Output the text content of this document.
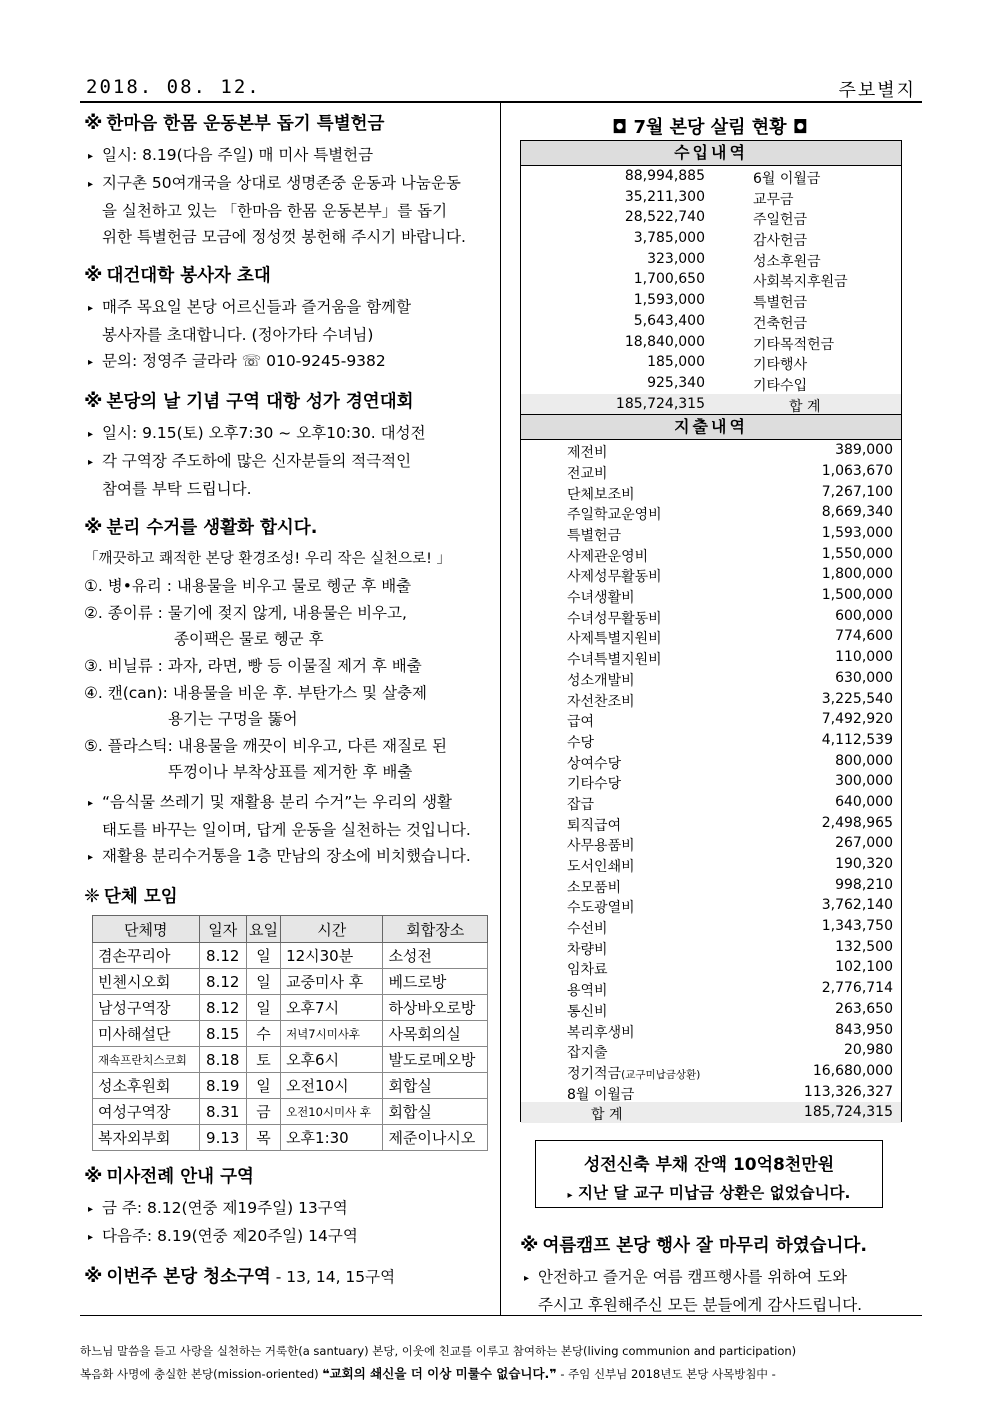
2018. 08. 12.	주보별지
※ 한마음 한몸 운동본부 돕기 특별헌금
▸ 일시: 8.19(다음 주일) 매 미사 특별헌금
▸ 지구촌 50여개국을 상대로 생명존중 운동과 나눔운동
을 실천하고 있는 「한마음 한몸 운동본부」를 돕기
위한 특별헌금 모금에 정성껏 봉헌해 주시기 바랍니다.
※ 대건대학 봉사자 초대
▸ 매주 목요일 본당 어르신들과 즐거움을 함께할
봉사자를 초대합니다. (정아가타 수녀님)
▸ 문의: 정영주 글라라 ☏ 010-9245-9382
※ 본당의 날 기념 구역 대항 성가 경연대회
▸ 일시: 9.15(토) 오후7:30 ~ 오후10:30. 대성전
▸ 각 구역장 주도하에 많은 신자분들의 적극적인
참여를 부탁 드립니다.
※ 분리 수거를 생활화 합시다.
「깨끗하고 쾌적한 본당 환경조성! 우리 작은 실천으로! 」
①. 병•유리 : 내용물을 비우고 물로 헹군 후 배출
②. 종이류 : 물기에 젖지 않게, 내용물은 비우고,
종이팩은 물로 헹군 후
③. 비닐류 : 과자, 라면, 빵 등 이물질 제거 후 배출
④. 캔(can): 내용물을 비운 후. 부탄가스 및 살충제
용기는 구멍을 뚫어
⑤. 플라스틱: 내용물을 깨끗이 비우고, 다른 재질로 된
뚜껑이나 부착상표를 제거한 후 배출
▸ “음식물 쓰레기 및 재활용 분리 수거”는 우리의 생활
태도를 바꾸는 일이며, 답게 운동을 실천하는 것입니다.
▸ 재활용 분리수거통을 1층 만남의 장소에 비치했습니다.
❈ 단체 모임
단체명	일자	요일	시간	회합장소
겸손꾸리아	8.12	일	12시30분	소성전
빈첸시오회	8.12	일	교중미사 후	베드로방
남성구역장	8.12	일	오후7시	하상바오로방
미사해설단	8.15	수	저녁7시미사후	사목회의실
재속프란치스코회	8.18	토	오후6시	발도로메오방
성소후원회	8.19	일	오전10시	회합실
여성구역장	8.31	금	오전10시미사 후	회합실
복자외부회	9.13	목	오후1:30	제준이나시오
※ 미사전례 안내 구역
▸ 금 주: 8.12(연중 제19주일) 13구역
▸ 다음주: 8.19(연중 제20주일) 14구역
※ 이번주 본당 청소구역 - 13, 14, 15구역
◘ 7월 본당 살림 현황 ◘
수입내역
88,994,885	6월 이월금
35,211,300	교무금
28,522,740	주일헌금
3,785,000	감사헌금
323,000	성소후원금
1,700,650	사회복지후원금
1,593,000	특별헌금
5,643,400	건축헌금
18,840,000	기타목적헌금
185,000	기타행사
925,340	기타수입
185,724,315	합 계
지출내역
제전비	389,000
전교비	1,063,670
단체보조비	7,267,100
주일학교운영비	8,669,340
특별헌금	1,593,000
사제관운영비	1,550,000
사제성무활동비	1,800,000
수녀생활비	1,500,000
수녀성무활동비	600,000
사제특별지원비	774,600
수녀특별지원비	110,000
성소개발비	630,000
자선찬조비	3,225,540
급여	7,492,920
수당	4,112,539
상여수당	800,000
기타수당	300,000
잡급	640,000
퇴직급여	2,498,965
사무용품비	267,000
도서인쇄비	190,320
소모품비	998,210
수도광열비	3,762,140
수선비	1,343,750
차량비	132,500
임차료	102,100
용역비	2,776,714
통신비	263,650
복리후생비	843,950
잡지출	20,980
정기적금(교구미납금상환)	16,680,000
8월 이월금	113,326,327
합 계	185,724,315
성전신축 부채 잔액 10억8천만원
▸ 지난 달 교구 미납금 상환은 없었습니다.
※ 여름캠프 본당 행사 잘 마무리 하였습니다.
▸ 안전하고 즐거운 여름 캠프행사를 위하여 도와
주시고 후원해주신 모든 분들에게 감사드립니다.
하느님 말씀을 듣고 사랑을 실천하는 거룩한(a santuary) 본당, 이웃에 친교를 이루고 참여하는 본당(living communion and participation)
복음화 사명에 충실한 본당(mission-oriented) ❝교회의 쇄신을 더 이상 미룰수 없습니다.❞ - 주임 신부님 2018년도 본당 사목방침中 -
